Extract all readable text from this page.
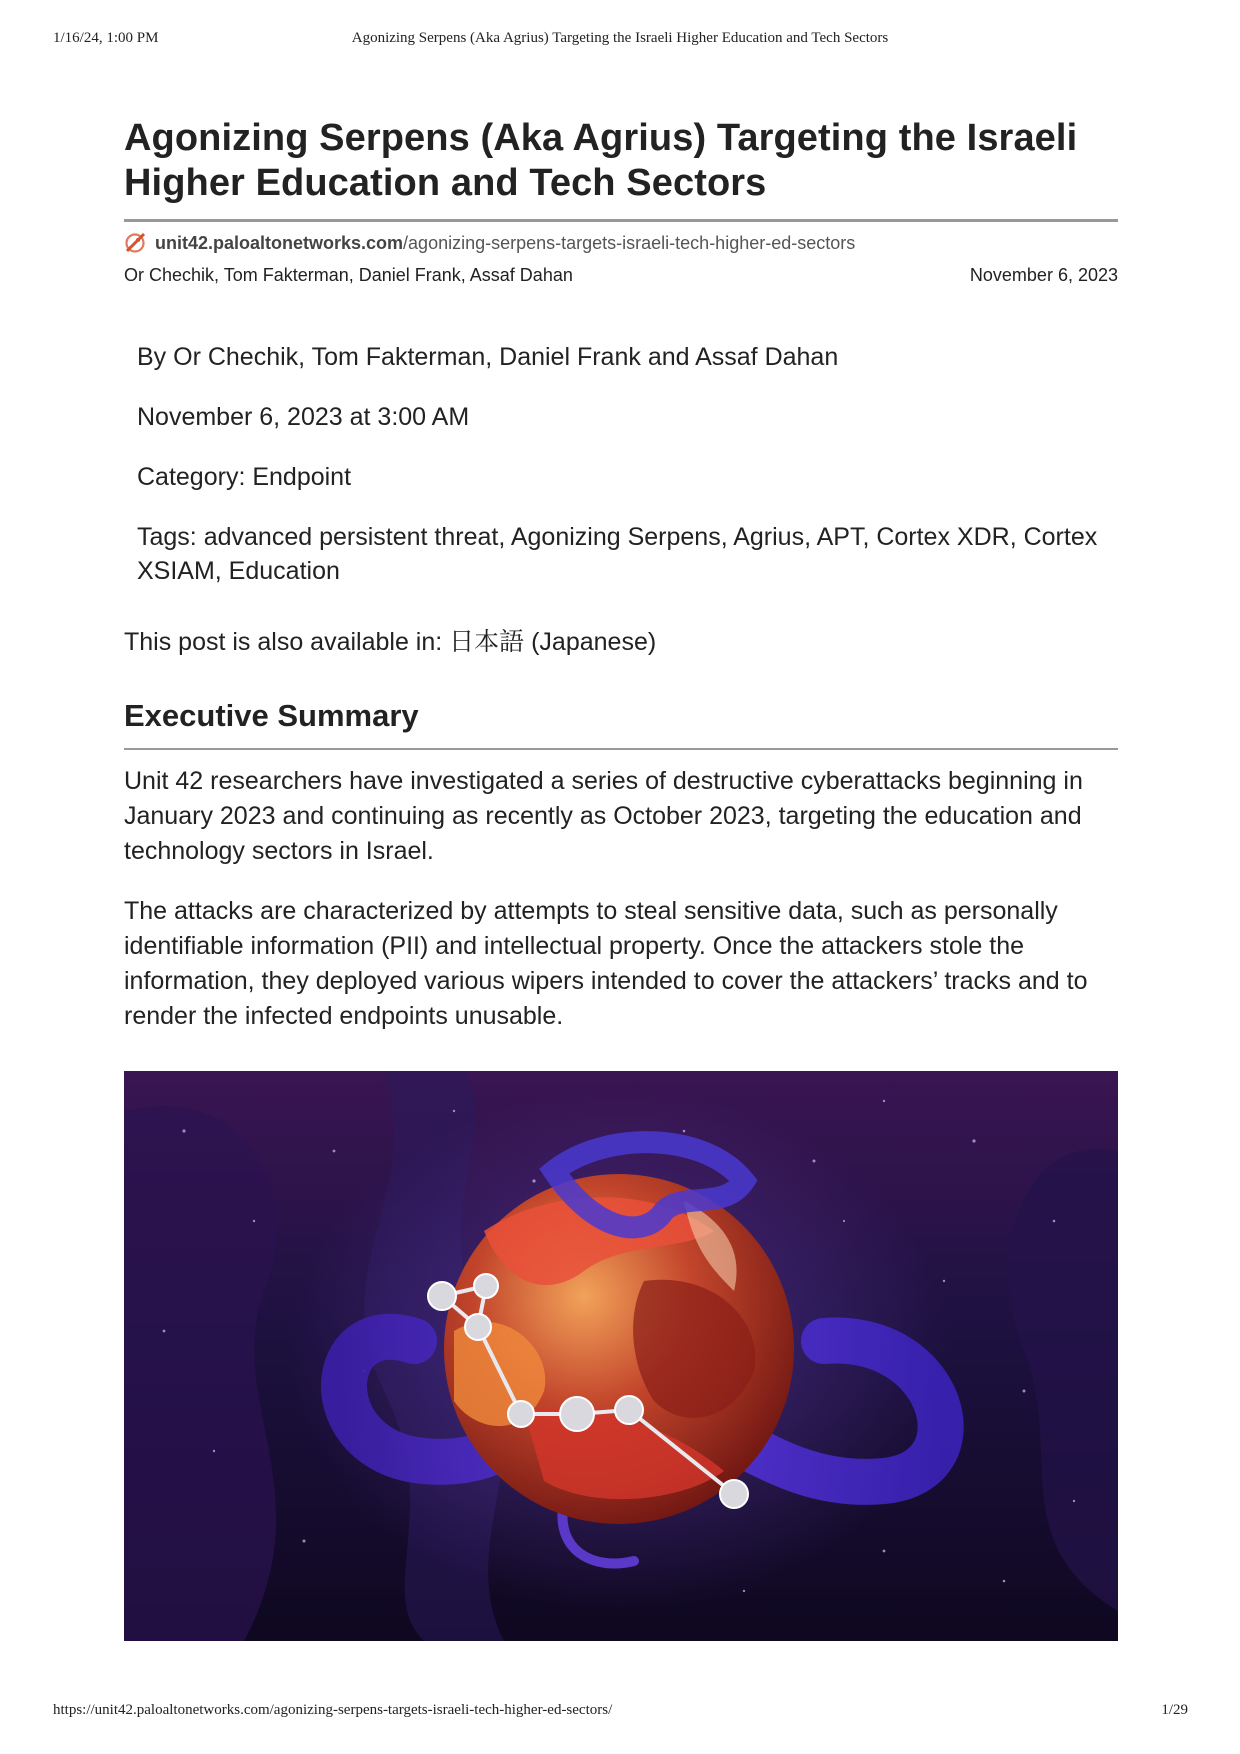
1/16/24, 1:00 PM	Agonizing Serpens (Aka Agrius) Targeting the Israeli Higher Education and Tech Sectors
Agonizing Serpens (Aka Agrius) Targeting the Israeli Higher Education and Tech Sectors
unit42.paloaltonetworks.com /agonizing-serpens-targets-israeli-tech-higher-ed-sectors
Or Chechik, Tom Fakterman, Daniel Frank, Assaf Dahan	November 6, 2023

By Or Chechik, Tom Fakterman, Daniel Frank and Assaf Dahan

November 6, 2023 at 3:00 AM

Category: Endpoint

Tags: advanced persistent threat, Agonizing Serpens, Agrius, APT, Cortex XDR, Cortex XSIAM, Education

This post is also available in: 日本語 (Japanese)
Executive Summary

Unit 42 researchers have investigated a series of destructive cyberattacks beginning in January 2023 and continuing as recently as October 2023, targeting the education and technology sectors in Israel.

The attacks are characterized by attempts to steal sensitive data, such as personally identifiable information (PII) and intellectual property. Once the attackers stole the information, they deployed various wipers intended to cover the attackers’ tracks and to render the infected endpoints unusable.

https://unit42.paloaltonetworks.com/agonizing-serpens-targets-israeli-tech-higher-ed-sectors/	1/29
